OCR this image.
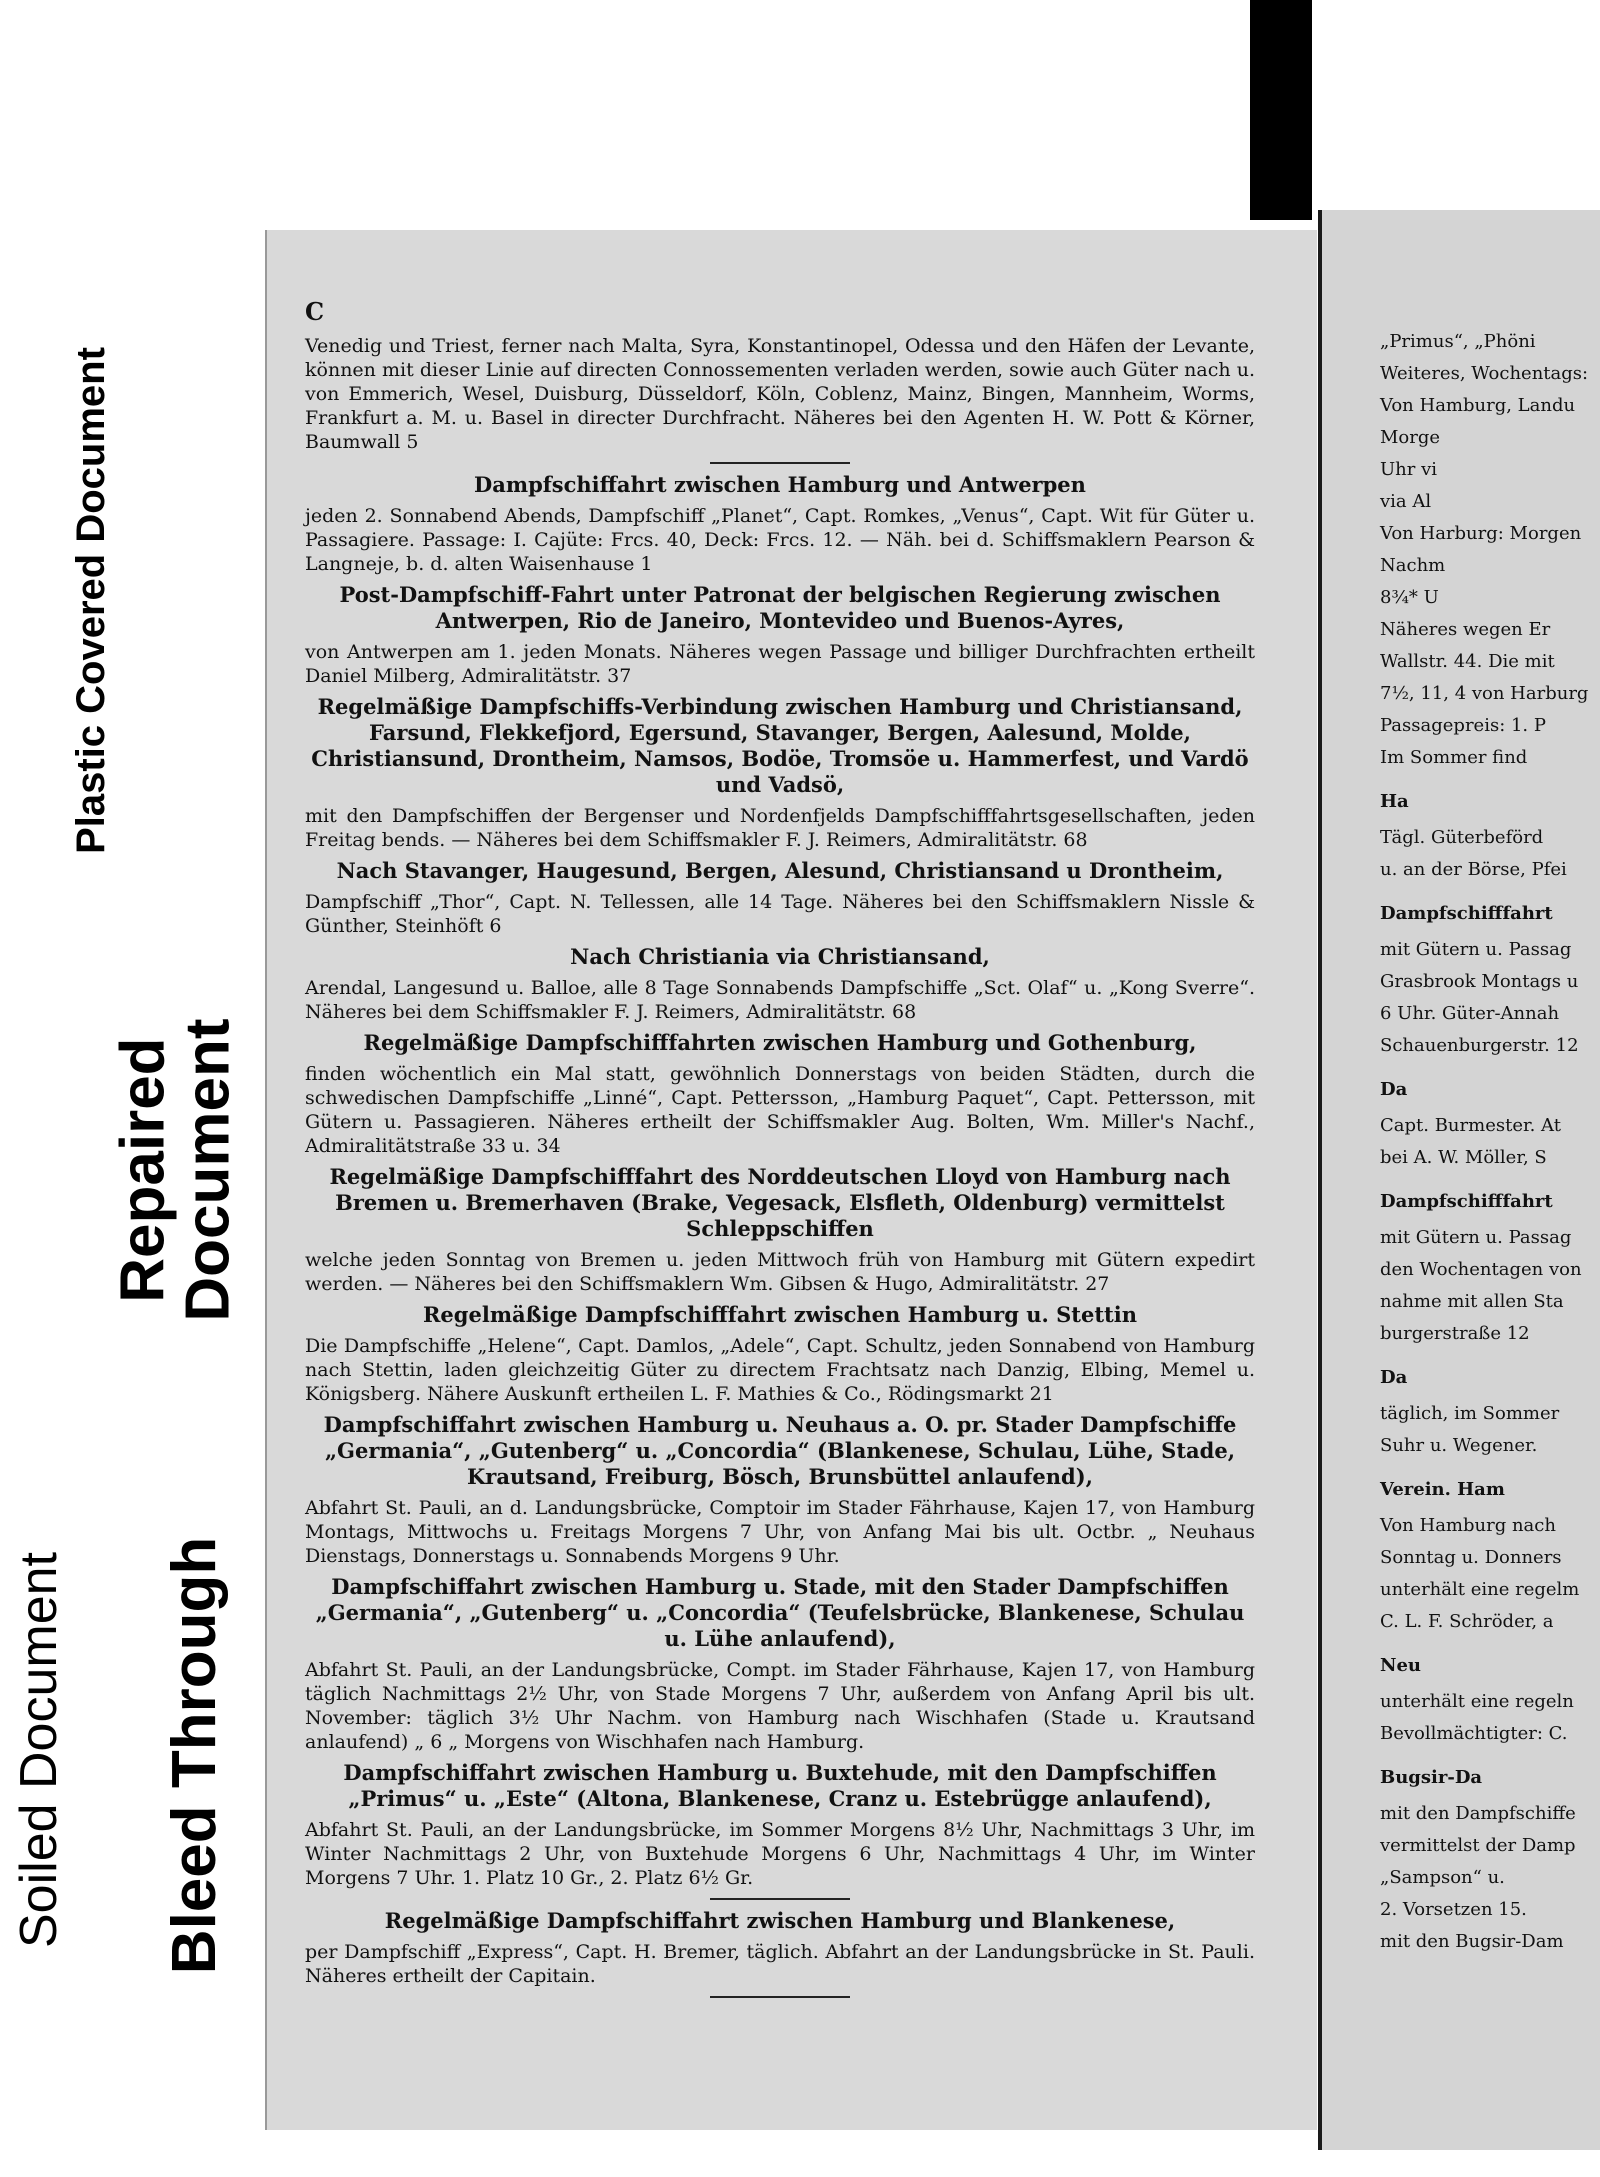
Plastic Covered Document
Repaired
Document
Soiled Document Bleed Through
C

Venedig und Triest, ferner nach Malta, Syra, Konstantinopel, Odessa und den Häfen der Levante, können mit dieser Linie auf directen Connossementen verladen werden, sowie auch Güter nach u. von Emmerich, Wesel, Duisburg, Düsseldorf, Köln, Coblenz, Mainz, Bingen, Mannheim, Worms, Frankfurt a. M. u. Basel in directer Durchfracht. Näheres bei den Agenten H. W. Pott & Körner, Baumwall 5

Dampfschiffahrt zwischen Hamburg und Antwerpen

jeden 2. Sonnabend Abends, Dampfschiff „Planet“, Capt. Romkes, „Venus“, Capt. Wit für Güter u. Passagiere. Passage: I. Cajüte: Frcs. 40, Deck: Frcs. 12. — Näh. bei d. Schiffsmaklern Pearson & Langneje, b. d. alten Waisenhause 1

Post-Dampfschiff-Fahrt unter Patronat der belgischen Regierung zwischen Antwerpen, Rio de Janeiro, Montevideo und Buenos-Ayres,

von Antwerpen am 1. jeden Monats. Näheres wegen Passage und billiger Durchfrachten ertheilt Daniel Milberg, Admiralitätstr. 37

Regelmäßige Dampfschiffs-Verbindung zwischen Hamburg und Christiansand, Farsund, Flekkefjord, Egersund, Stavanger, Bergen, Aalesund, Molde, Christiansund, Drontheim, Namsos, Bodöe, Tromsöe u. Hammerfest, und Vardö und Vadsö,

mit den Dampfschiffen der Bergenser und Nordenfjelds Dampfschifffahrtsgesellschaften, jeden Freitag bends. — Näheres bei dem Schiffsmakler F. J. Reimers, Admiralitätstr. 68

Nach Stavanger, Haugesund, Bergen, Alesund, Christiansand u Drontheim,

Dampfschiff „Thor“, Capt. N. Tellessen, alle 14 Tage. Näheres bei den Schiffsmaklern Nissle & Günther, Steinhöft 6

Nach Christiania via Christiansand,

Arendal, Langesund u. Balloe, alle 8 Tage Sonnabends Dampfschiffe „Sct. Olaf“ u. „Kong Sverre“. Näheres bei dem Schiffsmakler F. J. Reimers, Admiralitätstr. 68

Regelmäßige Dampfschifffahrten zwischen Hamburg und Gothenburg,

finden wöchentlich ein Mal statt, gewöhnlich Donnerstags von beiden Städten, durch die schwedischen Dampfschiffe „Linné“, Capt. Pettersson, „Hamburg Paquet“, Capt. Pettersson, mit Gütern u. Passagieren. Näheres ertheilt der Schiffsmakler Aug. Bolten, Wm. Miller's Nachf., Admiralitätstraße 33 u. 34

Regelmäßige Dampfschifffahrt des Norddeutschen Lloyd von Hamburg nach Bremen u. Bremerhaven (Brake, Vegesack, Elsfleth, Oldenburg) vermittelst Schleppschiffen

welche jeden Sonntag von Bremen u. jeden Mittwoch früh von Hamburg mit Gütern expedirt werden. — Näheres bei den Schiffsmaklern Wm. Gibsen & Hugo, Admiralitätstr. 27

Regelmäßige Dampfschifffahrt zwischen Hamburg u. Stettin

Die Dampfschiffe „Helene“, Capt. Damlos, „Adele“, Capt. Schultz, jeden Sonnabend von Hamburg nach Stettin, laden gleichzeitig Güter zu directem Frachtsatz nach Danzig, Elbing, Memel u. Königsberg. Nähere Auskunft ertheilen L. F. Mathies & Co., Rödingsmarkt 21

Dampfschiffahrt zwischen Hamburg u. Neuhaus a. O. pr. Stader Dampfschiffe „Germania“, „Gutenberg“ u. „Concordia“ (Blankenese, Schulau, Lühe, Stade, Krautsand, Freiburg, Bösch, Brunsbüttel anlaufend),

Abfahrt St. Pauli, an d. Landungsbrücke, Comptoir im Stader Fährhause, Kajen 17, von Hamburg Montags, Mittwochs u. Freitags Morgens 7 Uhr, von Anfang Mai bis ult. Octbr. „ Neuhaus Dienstags, Donnerstags u. Sonnabends Morgens 9 Uhr.

Dampfschiffahrt zwischen Hamburg u. Stade, mit den Stader Dampfschiffen „Germania“, „Gutenberg“ u. „Concordia“ (Teufelsbrücke, Blankenese, Schulau u. Lühe anlaufend),

Abfahrt St. Pauli, an der Landungsbrücke, Compt. im Stader Fährhause, Kajen 17, von Hamburg täglich Nachmittags 2½ Uhr, von Stade Morgens 7 Uhr, außerdem von Anfang April bis ult. November: täglich 3½ Uhr Nachm. von Hamburg nach Wischhafen (Stade u. Krautsand anlaufend) „ 6 „ Morgens von Wischhafen nach Hamburg.

Dampfschiffahrt zwischen Hamburg u. Buxtehude, mit den Dampfschiffen „Primus“ u. „Este“ (Altona, Blankenese, Cranz u. Estebrügge anlaufend),

Abfahrt St. Pauli, an der Landungsbrücke, im Sommer Morgens 8½ Uhr, Nachmittags 3 Uhr, im Winter Nachmittags 2 Uhr, von Buxtehude Morgens 6 Uhr, Nachmittags 4 Uhr, im Winter Morgens 7 Uhr. 1. Platz 10 Gr., 2. Platz 6½ Gr.

Regelmäßige Dampfschiffahrt zwischen Hamburg und Blankenese,

per Dampfschiff „Express“, Capt. H. Bremer, täglich. Abfahrt an der Landungsbrücke in St. Pauli. Näheres ertheilt der Capitain.

„Primus“, „Phöni

Weiteres, Wochentags:

Von Hamburg, Landu

Morge

Uhr vi

via Al

Von Harburg: Morgen

Nachm

8¾* U

Näheres wegen Er

Wallstr. 44. Die mit

7½, 11, 4 von Harburg

Passagepreis: 1. P

Im Sommer find

Ha

Tägl. Güterbeförd

u. an der Börse, Pfei

Dampfschifffahrt

mit Gütern u. Passag

Grasbrook Montags u

6 Uhr. Güter-Annah

Schauenburgerstr. 12

Da

Capt. Burmester. At

bei A. W. Möller, S

Dampfschifffahrt

mit Gütern u. Passag

den Wochentagen von

nahme mit allen Sta

burgerstraße 12

Da

täglich, im Sommer

Suhr u. Wegener.

Verein. Ham

Von Hamburg nach

Sonntag u. Donners

unterhält eine regelm

C. L. F. Schröder, a

Neu

unterhält eine regeln

Bevollmächtigter: C.

Bugsir-Da

mit den Dampfschiffe

vermittelst der Damp

„Sampson“ u.

2. Vorsetzen 15.

mit den Bugsir-Dam
